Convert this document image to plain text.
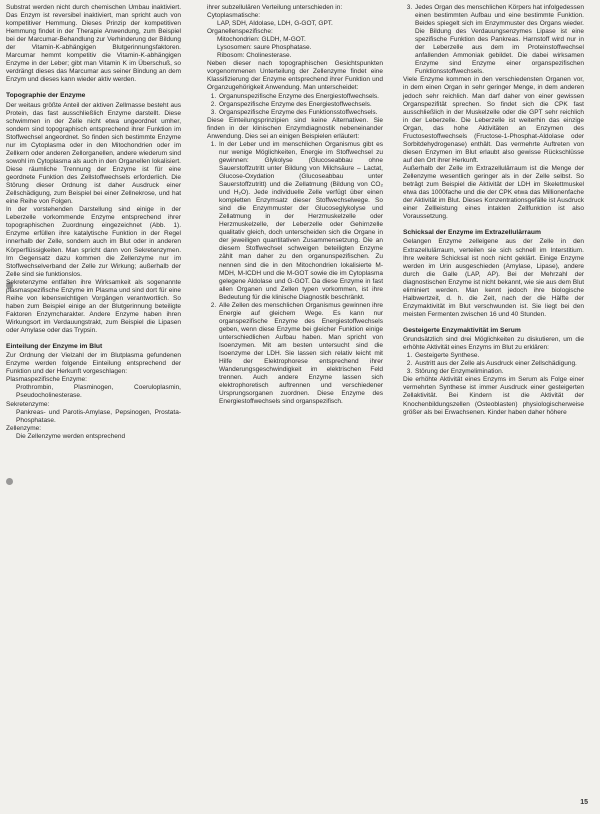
Substrat werden nicht durch chemischen Umbau inaktiviert. Das Enzym ist reversibel inaktiviert, man spricht auch von kompetitiver Hemmung. Dieses Prinzip der kompetitiven Hemmung findet in der Therapie Anwendung, zum Beispiel bei der Marcumar-Behandlung zur Verhinderung der Bildung der Vitamin-K-abhängigen Blutgerinnungsfaktoren. Marcumar hemmt kompetitiv die Vitamin-K-abhängigen Enzyme in der Leber; gibt man Vitamin K im Überschuß, so verdrängt dieses das Marcumar aus seiner Bindung an dem Enzym und dieses kann wieder aktiv werden.

Topographie der Enzyme

Der weitaus größte Anteil der aktiven Zellmasse besteht aus Protein, das fast ausschließlich Enzyme darstellt. Diese schwimmen in der Zelle nicht etwa ungeordnet umher, sondern sind topographisch entsprechend ihrer Funktion im Stoffwechsel angeordnet. So finden sich bestimmte Enzyme nur im Cytoplasma oder in den Mitochondrien oder im Zellkern oder anderen Zellorganellen, andere wiederum sind sowohl im Cytoplasma als auch in den Organellen lokalisiert. Diese räumliche Trennung der Enzyme ist für eine geordnete Funktion des Zellstoffwechsels erforderlich. Die Störung dieser Ordnung ist daher Ausdruck einer Zellschädigung, zum Beispiel bei einer Zellnekrose, und hat eine Reihe von Folgen.

In der vorstehenden Darstellung sind einige in der Leberzelle vorkommende Enzyme entsprechend ihrer topographischen Zuordnung eingezeichnet (Abb. 1). Enzyme erfüllen ihre katalytische Funktion in der Regel innerhalb der Zelle, sondern auch im Blut oder in anderen Körperflüssigkeiten. Man spricht dann von Sekretenzymen. Im Gegensatz dazu kommen die Zellenzyme nur im Stoffwechselverband der Zelle zur Wirkung; außerhalb der Zelle sind sie funktionslos.

Sekretenzyme entfalten ihre Wirksamkeit als sogenannte plasmaspezifische Enzyme im Plasma und sind dort für eine Reihe von lebenswichtigen Vorgängen verantwortlich. So haben zum Beispiel einige an der Blutgerinnung beteiligte Faktoren Enzymcharakter. Andere Enzyme haben ihren Wirkungsort im Verdauungstrakt, zum Beispiel die Lipasen oder Amylase oder das Trypsin.

Einteilung der Enzyme im Blut

Zur Ordnung der Vielzahl der im Blutplasma gefundenen Enzyme werden folgende Einteilung entsprechend der Funktion und der Herkunft vorgeschlagen:

Plasmaspezifische Enzyme:

Prothrombin, Plasminogen, Coeruloplasmin, Pseudocholinesterase.

Sekretenzyme:

Pankreas- und Parotis-Amylase, Pepsinogen, Prostata-Phosphatase.

Zellenzyme:

Die Zellenzyme werden entsprechend

ihrer subzellulären Verteilung unterschieden in:

Cytoplasmatische:

LAP, SDH, Aldolase, LDH, G-GOT, GPT.

Organellenspezifische:

Mitochondrien: GLDH, M-GOT.

Lysosomen: saure Phosphatase.

Ribosom: Cholinesterase.

Neben dieser nach topographischen Gesichtspunkten vorgenommenen Unterteilung der Zellenzyme findet eine Klassifizierung der Enzyme entsprechend ihrer Funktion und Organzugehörigkeit Anwendung. Man unterscheidet:

1. Organunspezifische Enzyme des Energiestoffwechsels.
2. Organspezifische Enzyme des Energiestoffwechsels.
3. Organspezifische Enzyme des Funktionsstoffwechsels.

Diese Einteilungsprinzipien sind keine Alternativen. Sie finden in der klinischen Enzymdiagnostik nebeneinander Anwendung. Dies sei an einigen Beispielen erläutert:

1. In der Leber und im menschlichen Organismus gibt es nur wenige Möglichkeiten, Energie im Stoffwechsel zu gewinnen: Glykolyse (Glucoseabbau ohne Sauerstoffzutritt unter Bildung von Milchsäure – Lactat, Glucose-Oxydation (Glucoseabbau unter Sauerstoffzutritt) und die Zellatmung (Bildung von CO₂ und H₂O). Jede individuelle Zelle verfügt über einen kompletten Enzymsatz dieser Stoffwechselwege. So sind die Enzymmuster der Glucoseglykolyse und Zellatmung in der Herzmuskelzelle oder Herzmuskelzelle, der Leberzelle oder Gehirnzelle qualitativ gleich, doch unterscheiden sich die Organe in der jeweiligen quantitativen Zusammensetzung. Die an diesem Stoffwechsel schweigen beteiligten Enzyme zählt man daher zu den organunspezifischen. Zu nennen sind die in den Mitochondrien lokalisierte M-MDH, M-ICDH und die M-GOT sowie die im Cytoplasma gelegene Aldolase und G-GOT. Da diese Enzyme in fast allen Organen und Zellen typen vorkommen, ist ihre Bedeutung für die klinische Diagnostik beschränkt.
2. Alle Zellen des menschlichen Organismus gewinnen ihre Energie auf gleichem Wege. Es kann nur organspezifische Enzyme des Energiestoffwechsels geben, wenn diese Enzyme bei gleicher Funktion einige unterschiedlichen Aufbau haben. Man spricht von Isoenzymen. Mit am besten untersucht sind die Isoenzyme der LDH. Sie lassen sich relativ leicht mit Hilfe der Elektrophorese entsprechend ihrer Wanderungsgeschwindigkeit im elektrischen Feld trennen. Auch andere Enzyme lassen sich elektrophoretisch auftrennen und verschiedener Ursprungsorganen zuordnen. Diese Enzyme des Energiestoffwechsels sind organspezifisch.
3. Jedes Organ des menschlichen Körpers hat infolgedessen einen bestimmten Aufbau und eine bestimmte Funktion. Beides spiegelt sich im Enzymmuster des Organs wieder. Die Bildung des Verdauungsenzymes Lipase ist eine spezifische Funktion des Pankreas. Harnstoff wird nur in der Leberzelle aus dem im Proteinstoffwechsel anfallenden Ammoniak gebildet. Die dabei wirksamen Enzyme sind Enzyme einer organspezifischen Funktionsstoffwechsels.

Viele Enzyme kommen in den verschiedensten Organen vor, in dem einen Organ in sehr geringer Menge, in dem anderen jedoch sehr reichlich. Man darf daher von einer gewissen Organspezifität sprechen. So findet sich die CPK fast ausschließlich in der Muskelzelle oder die GPT sehr reichlich in der Leberzelle. Die Leberzelle ist weiterhin das einzige Organ, das hohe Aktivitäten an Enzymen des Fructosestoffwechsels (Fructose-1-Phosphat-Aldolase oder Sorbitdehydrogenase) enthält. Das vermehrte Auftreten von diesen Enzymen im Blut erlaubt also gewisse Rückschlüsse auf den Ort ihrer Herkunft.

Außerhalb der Zelle im Extrazellulärraum ist die Menge der Zellenzyme wesentlich geringer als in der Zelle selbst. So beträgt zum Beispiel die Aktivität der LDH im Skelettmuskel etwa das 1000fache und die der CPK etwa das Millionenfache der Aktivität im Blut. Dieses Konzentrationsgefälle ist Ausdruck einer Zellleistung eines intakten Zellfunktion ist also Voraussetzung.

Schicksal der Enzyme im Extrazellulärraum

Gelangen Enzyme zelleigene aus der Zelle in den Extrazellulärraum, verteilen sie sich schnell im Interstitium. Ihre weitere Schicksal ist noch nicht geklärt. Einige Enzyme werden im Urin ausgeschieden (Amylase, Lipase), andere durch die Galle (LAP, AP). Bei der Mehrzahl der diagnostischen Enzyme ist nicht bekannt, wie sie aus dem Blut eliminiert werden. Man kennt jedoch ihre biologische Halbwertzeit, d. h. die Zeit, nach der die Hälfte der Enzymaktivität im Blut verschwunden ist. Sie liegt bei den meisten Fermenten zwischen 16 und 40 Stunden.

Gesteigerte Enzymaktivität im Serum

Grundsätzlich sind drei Möglichkeiten zu diskutieren, um die erhöhte Aktivität eines Enzyms im Blut zu erklären:

1. Gesteigerte Synthese.
2. Austritt aus der Zelle als Ausdruck einer Zellschädigung.
3. Störung der Enzymelimination.

Die erhöhte Aktivität eines Enzyms im Serum als Folge einer vermehrten Synthese ist immer Ausdruck einer gesteigerten Zellaktivität. Bei Kindern ist die Aktivität der Knochenbildungszellen (Osteoblasten) physiologischerweise größer als bei Erwachsenen. Kinder haben daher höhere

15
